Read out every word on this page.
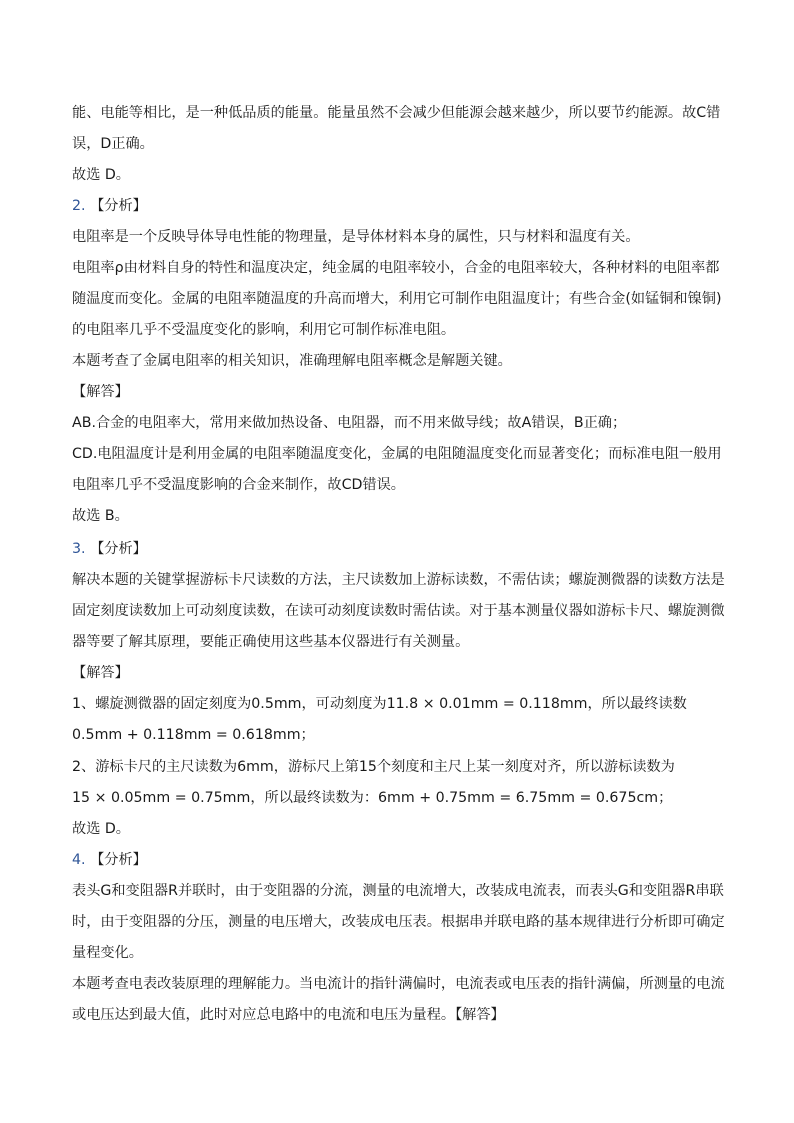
能、电能等相比，是一种低品质的能量。能量虽然不会减少但能源会越来越少，所以要节约能源。故C错
误，D正确。
故选 D。
2. 【分析】
电阻率是一个反映导体导电性能的物理量，是导体材料本身的属性，只与材料和温度有关。
电阻率ρ由材料自身的特性和温度决定，纯金属的电阻率较小，合金的电阻率较大，各种材料的电阻率都
随温度而变化。金属的电阻率随温度的升高而增大，利用它可制作电阻温度计；有些合金(如锰铜和镍铜)
的电阻率几乎不受温度变化的影响，利用它可制作标准电阻。
本题考查了金属电阻率的相关知识，准确理解电阻率概念是解题关键。
【解答】
AB.合金的电阻率大，常用来做加热设备、电阻器，而不用来做导线；故A错误，B正确；
CD.电阻温度计是利用金属的电阻率随温度变化，金属的电阻随温度变化而显著变化；而标准电阻一般用
电阻率几乎不受温度影响的合金来制作，故CD错误。
故选 B。
3. 【分析】
解决本题的关键掌握游标卡尺读数的方法，主尺读数加上游标读数，不需估读；螺旋测微器的读数方法是
固定刻度读数加上可动刻度读数，在读可动刻度读数时需估读。对于基本测量仪器如游标卡尺、螺旋测微
器等要了解其原理，要能正确使用这些基本仪器进行有关测量。
【解答】
1、螺旋测微器的固定刻度为0.5mm，可动刻度为11.8 × 0.01mm = 0.118mm，所以最终读数
0.5mm + 0.118mm = 0.618mm；
2、游标卡尺的主尺读数为6mm，游标尺上第15个刻度和主尺上某一刻度对齐，所以游标读数为
15 × 0.05mm = 0.75mm，所以最终读数为：6mm + 0.75mm = 6.75mm = 0.675cm；
故选 D。
4. 【分析】
表头G和变阻器R并联时，由于变阻器的分流，测量的电流增大，改装成电流表，而表头G和变阻器R串联
时，由于变阻器的分压，测量的电压增大，改装成电压表。根据串并联电路的基本规律进行分析即可确定
量程变化。
本题考查电表改装原理的理解能力。当电流计的指针满偏时，电流表或电压表的指针满偏，所测量的电流
或电压达到最大值，此时对应总电路中的电流和电压为量程。【解答】
